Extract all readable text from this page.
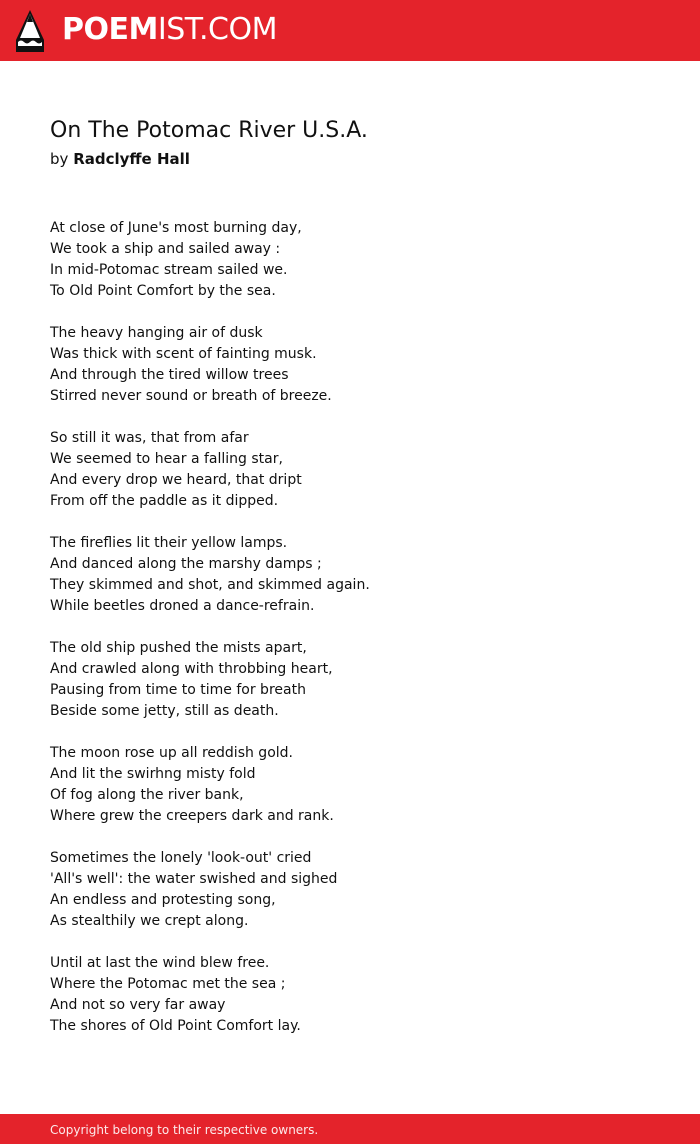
POEMIST.COM
On The Potomac River U.S.A.
by Radclyffe Hall
At close of June's most burning day,
We took a ship and sailed away :
In mid-Potomac stream sailed we.
To Old Point Comfort by the sea.
The heavy hanging air of dusk
Was thick with scent of fainting musk.
And through the tired willow trees
Stirred never sound or breath of breeze.
So still it was, that from afar
We seemed to hear a falling star,
And every drop we heard, that dript
From off the paddle as it dipped.
The fireflies lit their yellow lamps.
And danced along the marshy damps ;
They skimmed and shot, and skimmed again.
While beetles droned a dance-refrain.
The old ship pushed the mists apart,
And crawled along with throbbing heart,
Pausing from time to time for breath
Beside some jetty, still as death.
The moon rose up all reddish gold.
And lit the swirhng misty fold
Of fog along the river bank,
Where grew the creepers dark and rank.
Sometimes the lonely 'look-out' cried
'All's well': the water swished and sighed
An endless and protesting song,
As stealthily we crept along.
Until at last the wind blew free.
Where the Potomac met the sea ;
And not so very far away
The shores of Old Point Comfort lay.
Copyright belong to their respective owners.
